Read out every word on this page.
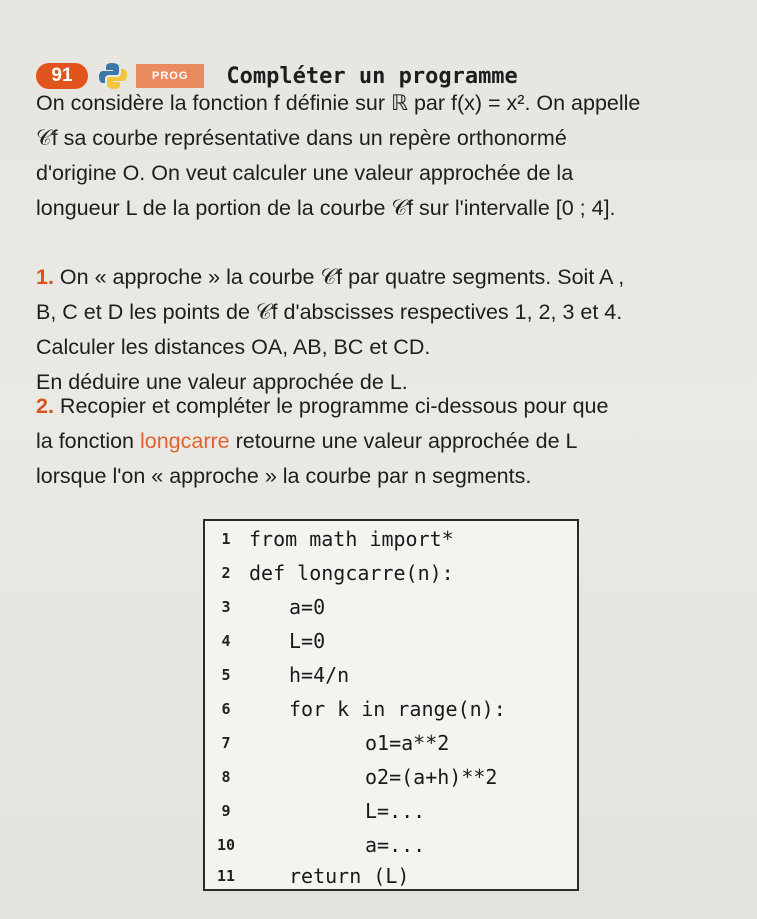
91	PROG	Compléter un programme

On considère la fonction f définie sur ℝ par f(x) = x². On appelle

𝒞f sa courbe représentative dans un repère orthonormé

d'origine O. On veut calculer une valeur approchée de la

longueur L de la portion de la courbe 𝒞f sur l'intervalle [0 ; 4].

1. On « approche » la courbe 𝒞f par quatre segments. Soit A ,

B, C et D les points de 𝒞f d'abscisses respectives 1, 2, 3 et 4.

Calculer les distances OA, AB, BC et CD.

En déduire une valeur approchée de L.

2. Recopier et compléter le programme ci-dessous pour que

la fonction longcarre retourne une valeur approchée de L

lorsque l'on « approche » la courbe par n segments.

1 from math import*
2 def longcarre(n):
3	a=0
4	L=0
5	h=4/n
6	for k in range(n):
7	o1=a**2
8	o2=(a+h)**2
9	L=...
10	a=...
11	return (L)
